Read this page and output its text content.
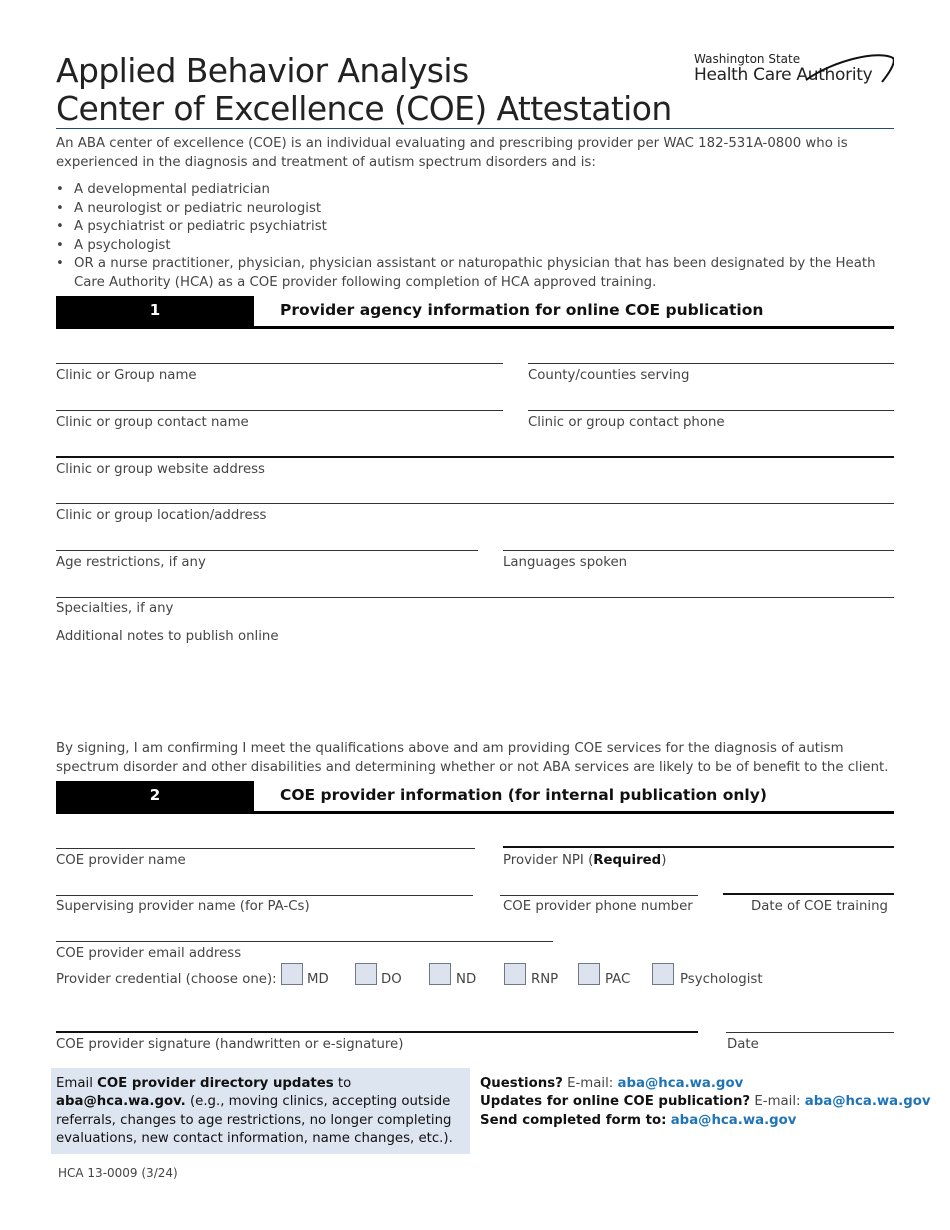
Applied Behavior Analysis
Center of Excellence (COE) Attestation
Washington State
Health Care Authority
An ABA center of excellence (COE) is an individual evaluating and prescribing provider per WAC 182-531A-0800 who is experienced in the diagnosis and treatment of autism spectrum disorders and is:
• A developmental pediatrician
• A neurologist or pediatric neurologist
• A psychiatrist or pediatric psychiatrist
• A psychologist
• OR a nurse practitioner, physician, physician assistant or naturopathic physician that has been designated by the Heath Care Authority (HCA) as a COE provider following completion of HCA approved training.
1	Provider agency information for online COE publication
Clinic or Group name	County/counties serving
Clinic or group contact name	Clinic or group contact phone
Clinic or group website address
Clinic or group location/address
Age restrictions, if any	Languages spoken
Specialties, if any
Additional notes to publish online
By signing, I am confirming I meet the qualifications above and am providing COE services for the diagnosis of autism spectrum disorder and other disabilities and determining whether or not ABA services are likely to be of benefit to the client.
2	COE provider information (for internal publication only)
COE provider name	Provider NPI (Required)
Supervising provider name (for PA-Cs)	COE provider phone number	Date of COE training
COE provider email address
Provider credential (choose one): MD	DO	ND	RNP	PAC	Psychologist
COE provider signature (handwritten or e-signature)	Date
Email COE provider directory updates to aba@hca.wa.gov. (e.g., moving clinics, accepting outside referrals, changes to age restrictions, no longer completing evaluations, new contact information, name changes, etc.).
Questions? E-mail: aba@hca.wa.gov
Updates for online COE publication? E-mail: aba@hca.wa.gov
Send completed form to: aba@hca.wa.gov
HCA 13-0009 (3/24)
